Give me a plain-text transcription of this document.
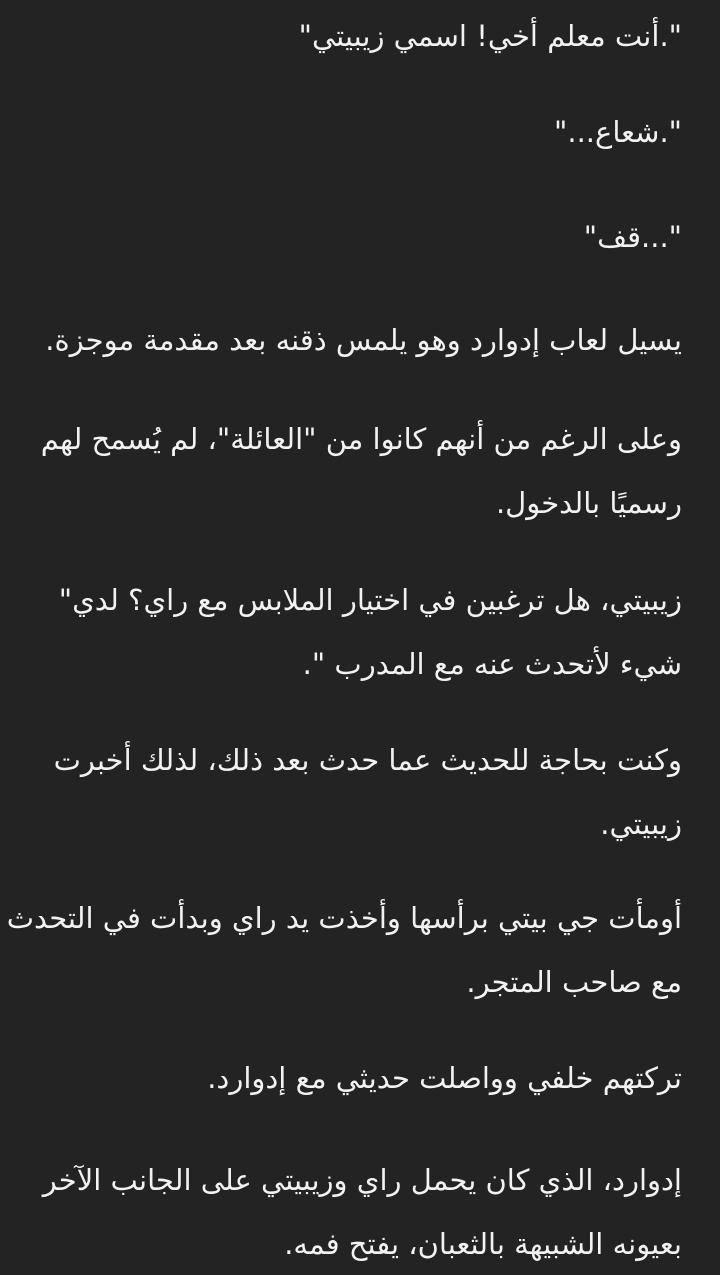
".أنت معلم أخي! اسمي زيبيتي"

".شعاع..."

"...قف"

يسيل لعاب إدوارد وهو يلمس ذقنه بعد مقدمة موجزة.

وعلى الرغم من أنهم كانوا من "العائلة"، لم يُسمح لهم
رسميًا بالدخول.

زيبيتي، هل ترغبين في اختيار الملابس مع راي؟ لدي"
شيء لأتحدث عنه مع المدرب ".

وكنت بحاجة للحديث عما حدث بعد ذلك، لذلك أخبرت
زيبيتي.

أومأت جي بيتي برأسها وأخذت يد راي وبدأت في التحدث
مع صاحب المتجر.

تركتهم خلفي وواصلت حديثي مع إدوارد.

إدوارد، الذي كان يحمل راي وزيبيتي على الجانب الآخر
بعيونه الشبيهة بالثعبان، يفتح فمه.
